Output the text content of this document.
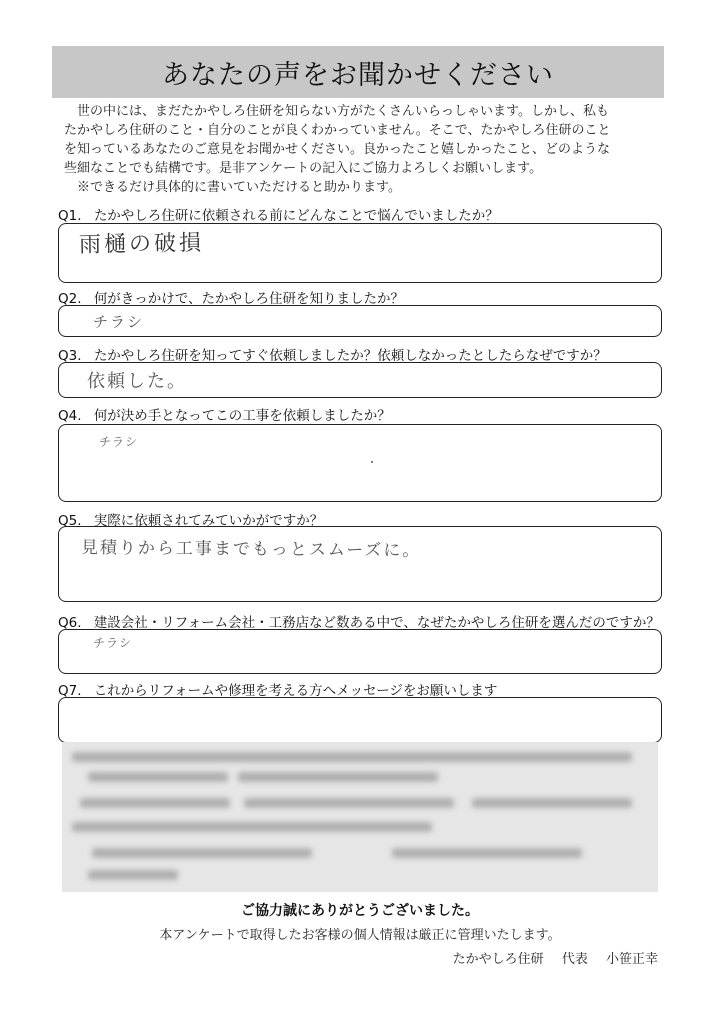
あなたの声をお聞かせください

世の中には、まだたかやしろ住研を知らない方がたくさんいらっしゃいます。しかし、私も

たかやしろ住研のこと・自分のことが良くわかっていません。そこで、たかやしろ住研のこと

を知っているあなたのご意見をお聞かせください。良かったこと嬉しかったこと、どのような

些細なことでも結構です。是非アンケートの記入にご協力よろしくお願いします。

　※できるだけ具体的に書いていただけると助かります。

Q1. たかやしろ住研に依頼される前にどんなことで悩んでいましたか？
雨樋の破損
Q2. 何がきっかけで、たかやしろ住研を知りましたか？
チラシ
Q3. たかやしろ住研を知ってすぐ依頼しましたか？依頼しなかったとしたらなぜですか？
依頼した。
Q4. 何が決め手となってこの工事を依頼しましたか？
チラシ
Q5. 実際に依頼されてみていかがですか？
見積りから工事までもっとスムーズに。
Q6. 建設会社・リフォーム会社・工務店など数ある中で、なぜたかやしろ住研を選んだのですか？
チラシ
Q7. これからリフォームや修理を考える方へメッセージをお願いします
ご協力誠にありがとうございました。
本アンケートで取得したお客様の個人情報は厳正に管理いたします。
たかやしろ住研 代表 小笹正幸
